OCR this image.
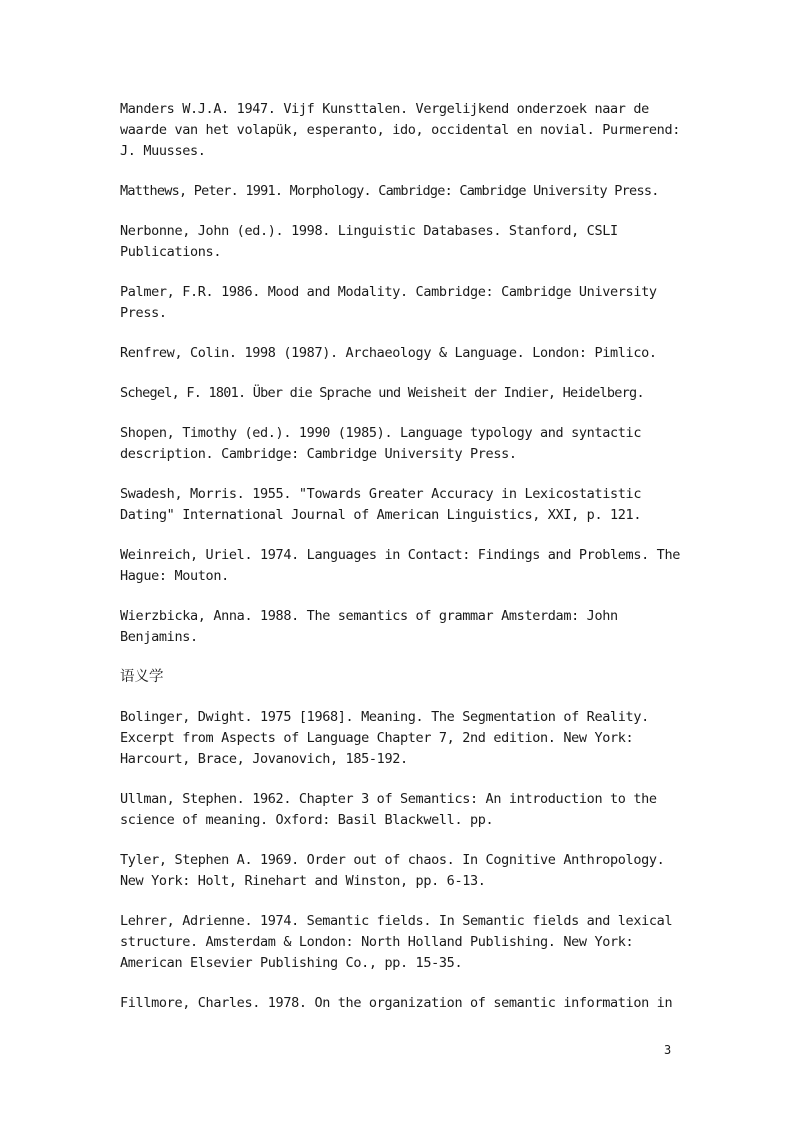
Manders W.J.A. 1947. Vijf Kunsttalen. Vergelijkend onderzoek naar de waarde van het volapük, esperanto, ido, occidental en novial. Purmerend: J. Muusses.

Matthews, Peter. 1991. Morphology. Cambridge: Cambridge University Press.

Nerbonne, John (ed.). 1998. Linguistic Databases. Stanford, CSLI Publications.

Palmer, F.R. 1986. Mood and Modality. Cambridge: Cambridge University Press.

Renfrew, Colin. 1998 (1987). Archaeology & Language. London: Pimlico.

Schegel, F. 1801. Über die Sprache und Weisheit der Indier, Heidelberg.

Shopen, Timothy (ed.). 1990 (1985). Language typology and syntactic description. Cambridge: Cambridge University Press.

Swadesh, Morris. 1955. "Towards Greater Accuracy in Lexicostatistic Dating" International Journal of American Linguistics, XXI, p. 121.

Weinreich, Uriel. 1974. Languages in Contact: Findings and Problems. The Hague: Mouton.

Wierzbicka, Anna. 1988. The semantics of grammar Amsterdam: John Benjamins.

语义学

Bolinger, Dwight. 1975 [1968]. Meaning. The Segmentation of Reality. Excerpt from Aspects of Language Chapter 7, 2nd edition. New York: Harcourt, Brace, Jovanovich, 185-192.

Ullman, Stephen. 1962. Chapter 3 of Semantics: An introduction to the science of meaning. Oxford: Basil Blackwell. pp.

Tyler, Stephen A. 1969. Order out of chaos. In Cognitive Anthropology. New York: Holt, Rinehart and Winston, pp. 6-13.

Lehrer, Adrienne. 1974. Semantic fields. In Semantic fields and lexical structure. Amsterdam & London: North Holland Publishing. New York: American Elsevier Publishing Co., pp. 15-35.

Fillmore, Charles. 1978. On the organization of semantic information in

3
